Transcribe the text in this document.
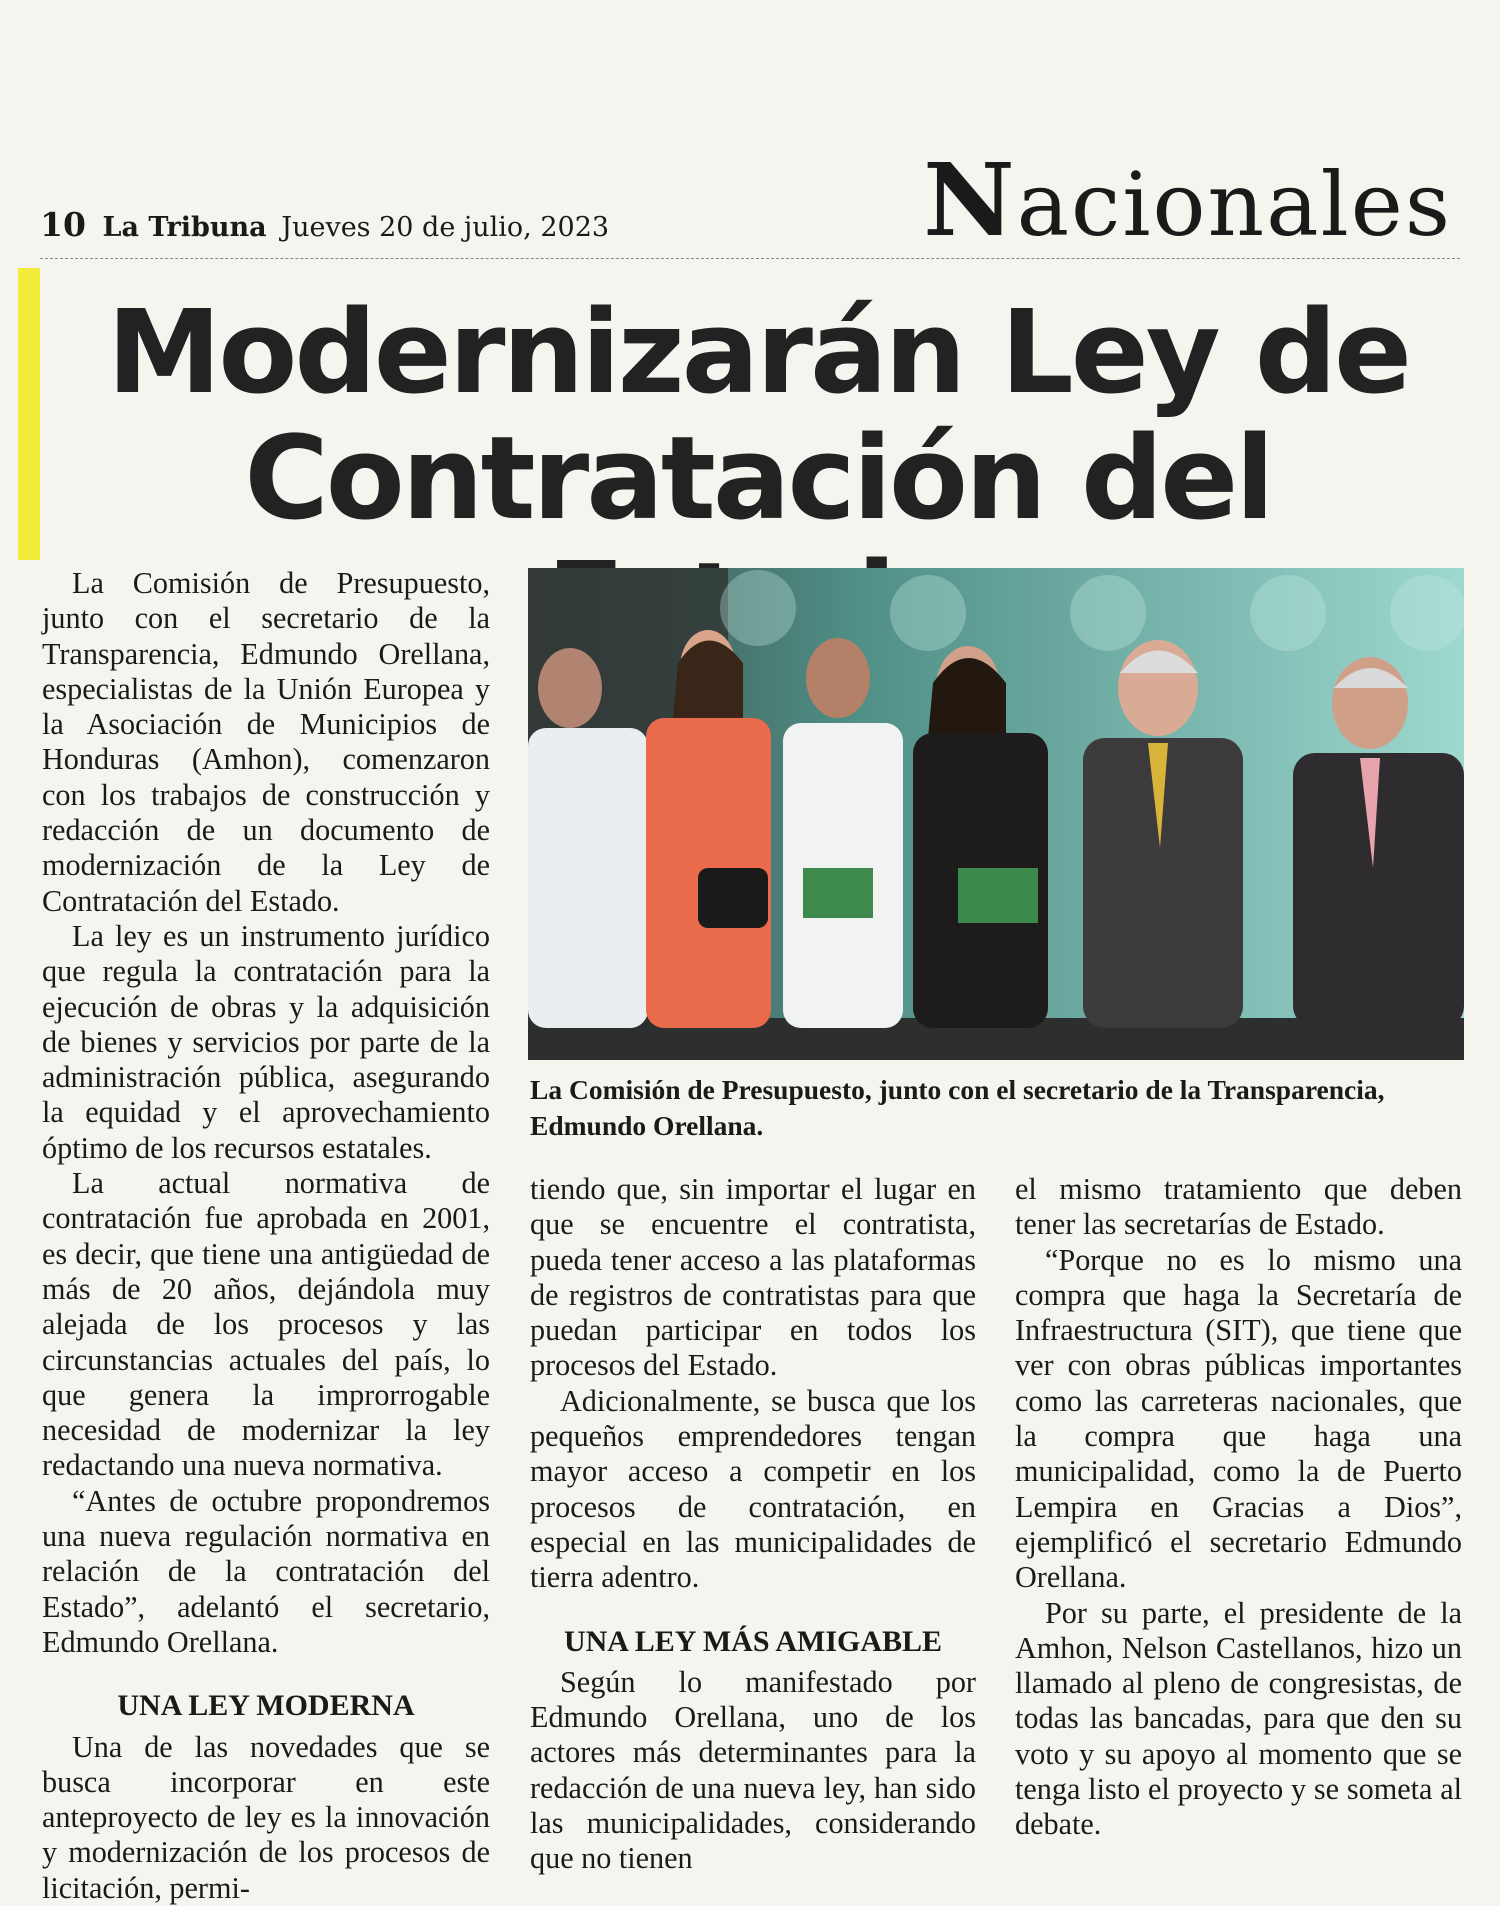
10 La Tribuna Jueves 20 de julio, 2023	Nacionales
Modernizarán Ley de Contratación del

La Comisión de Presupuesto, junto con el secretario de la Transparencia, Edmundo Orellana, especialistas de la Unión Europea y la Asociación de Municipios de Honduras (Amhon), comenzaron con los trabajos de construcción y redacción de un documento de modernización de la Ley de Contratación del Estado.

La ley es un instrumento jurídico que regula la contratación para la ejecución de obras y la adquisición de bienes y servicios por parte de la administración pública, asegurando la equidad y el aprovechamiento óptimo de los recursos estatales.

La actual normativa de contratación fue aprobada en 2001, es decir, que tiene una antigüedad de más de 20 años, dejándola muy alejada de los procesos y las circunstancias actuales del país, lo que genera la improrrogable necesidad de modernizar la ley redactando una nueva normativa.

“Antes de octubre propondremos una nueva regulación normativa en relación de la contratación del Estado”, adelantó el secretario, Edmundo Orellana.

UNA LEY MODERNA

Una de las novedades que se busca incorporar en este anteproyecto de ley es la innovación y modernización de los procesos de licitación, permi-

La Comisión de Presupuesto, junto con el secretario de la Transparencia, Edmundo Orellana.

tiendo que, sin importar el lugar en que se encuentre el contratista, pueda tener acceso a las plataformas de registros de contratistas para que puedan participar en todos los procesos del Estado.

Adicionalmente, se busca que los pequeños emprendedores tengan mayor acceso a competir en los procesos de contratación, en especial en las municipalidades de tierra adentro.

UNA LEY MÁS AMIGABLE

Según lo manifestado por Edmundo Orellana, uno de los actores más determinantes para la redacción de una nueva ley, han sido las municipalidades, considerando que no tienen

el mismo tratamiento que deben tener las secretarías de Estado.

“Porque no es lo mismo una compra que haga la Secretaría de Infraestructura (SIT), que tiene que ver con obras públicas importantes como las carreteras nacionales, que la compra que haga una municipalidad, como la de Puerto Lempira en Gracias a Dios”, ejemplificó el secretario Edmundo Orellana.

Por su parte, el presidente de la Amhon, Nelson Castellanos, hizo un llamado al pleno de congresistas, de todas las bancadas, para que den su voto y su apoyo al momento que se tenga listo el proyecto y se someta al debate.
